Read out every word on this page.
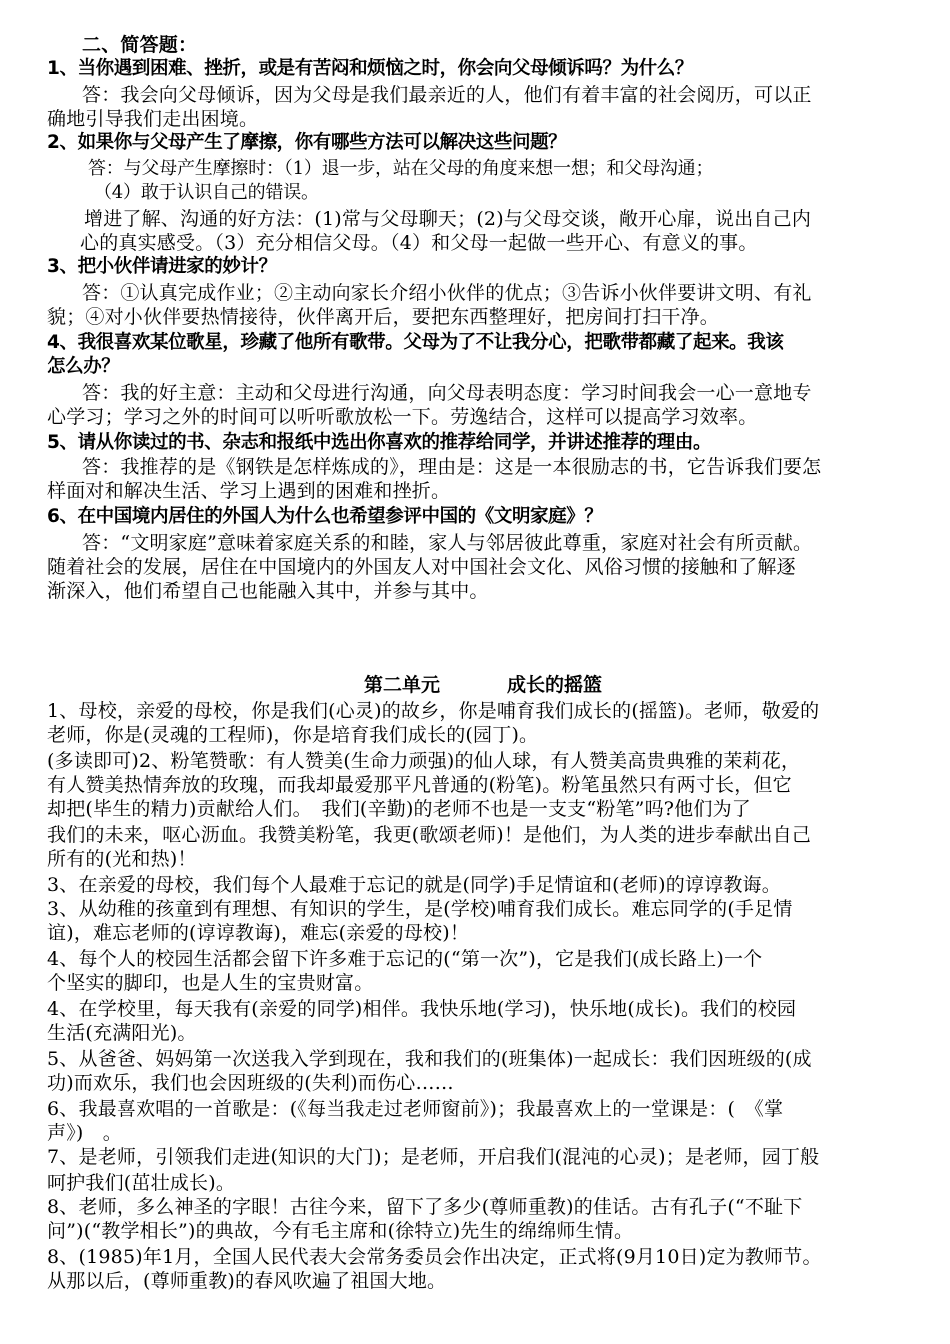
二、简答题：
1、当你遇到困难、挫折，或是有苦闷和烦恼之时，你会向父母倾诉吗？为什么？
答：我会向父母倾诉，因为父母是我们最亲近的人，他们有着丰富的社会阅历，可以正
确地引导我们走出困境。
2、如果你与父母产生了摩擦，你有哪些方法可以解决这些问题？
答：与父母产生摩擦时：（1）退一步，站在父母的角度来想一想；和父母沟通；
（4）敢于认识自己的错误。
增进了解、沟通的好方法：(1)常与父母聊天；(2)与父母交谈，敞开心扉，说出自己内
心的真实感受。（3）充分相信父母。（4）和父母一起做一些开心、有意义的事。
3、把小伙伴请进家的妙计？
答：①认真完成作业；②主动向家长介绍小伙伴的优点；③告诉小伙伴要讲文明、有礼
貌；④对小伙伴要热情接待，伙伴离开后，要把东西整理好，把房间打扫干净。
4、我很喜欢某位歌星，珍藏了他所有歌带。父母为了不让我分心，把歌带都藏了起来。我该
怎么办？
答：我的好主意：主动和父母进行沟通，向父母表明态度：学习时间我会一心一意地专
心学习；学习之外的时间可以听听歌放松一下。劳逸结合，这样可以提高学习效率。
5、请从你读过的书、杂志和报纸中选出你喜欢的推荐给同学，并讲述推荐的理由。
答：我推荐的是《钢铁是怎样炼成的》，理由是：这是一本很励志的书，它告诉我们要怎
样面对和解决生活、学习上遇到的困难和挫折。
6、在中国境内居住的外国人为什么也希望参评中国的《文明家庭》？
答：“文明家庭”意味着家庭关系的和睦，家人与邻居彼此尊重，家庭对社会有所贡献。
随着社会的发展，居住在中国境内的外国友人对中国社会文化、风俗习惯的接触和了解逐
渐深入，他们希望自己也能融入其中，并参与其中。
第二单元	成长的摇篮
1、母校，亲爱的母校，你是我们(心灵)的故乡，你是哺育我们成长的(摇篮)。老师，敬爱的
老师，你是(灵魂的工程师)，你是培育我们成长的(园丁)。
(多读即可)2、粉笔赞歌：有人赞美(生命力顽强)的仙人球，有人赞美高贵典雅的茉莉花，
有人赞美热情奔放的玫瑰，而我却最爱那平凡普通的(粉笔)。粉笔虽然只有两寸长，但它
却把(毕生的精力)贡献给人们。　我们(辛勤)的老师不也是一支支“粉笔”吗?他们为了
我们的未来，呕心沥血。我赞美粉笔，我更(歌颂老师)！是他们，为人类的进步奉献出自己
所有的(光和热)！
3、在亲爱的母校，我们每个人最难于忘记的就是(同学)手足情谊和(老师)的谆谆教诲。
3、从幼稚的孩童到有理想、有知识的学生，是(学校)哺育我们成长。难忘同学的(手足情
谊)，难忘老师的(谆谆教诲)，难忘(亲爱的母校)！
4、每个人的校园生活都会留下许多难于忘记的(“第一次”)，它是我们(成长路上)一个
个坚实的脚印，也是人生的宝贵财富。
4、在学校里，每天我有(亲爱的同学)相伴。我快乐地(学习)，快乐地(成长)。我们的校园
生活(充满阳光)。
5、从爸爸、妈妈第一次送我入学到现在，我和我们的(班集体)一起成长：我们因班级的(成
功)而欢乐，我们也会因班级的(失利)而伤心……
6、我最喜欢唱的一首歌是：(《每当我走过老师窗前》)；我最喜欢上的一堂课是：(　《掌
声》)　。
7、是老师，引领我们走进(知识的大门)；是老师，开启我们(混沌的心灵)；是老师，园丁般
呵护我们(茁壮成长)。
8、老师，多么神圣的字眼！古往今来，留下了多少(尊师重教)的佳话。古有孔子(“不耻下
问”)(“教学相长”)的典故，今有毛主席和(徐特立)先生的绵绵师生情。
8、(1985)年1月，全国人民代表大会常务委员会作出决定，正式将(9月10日)定为教师节。
从那以后，(尊师重教)的春风吹遍了祖国大地。
